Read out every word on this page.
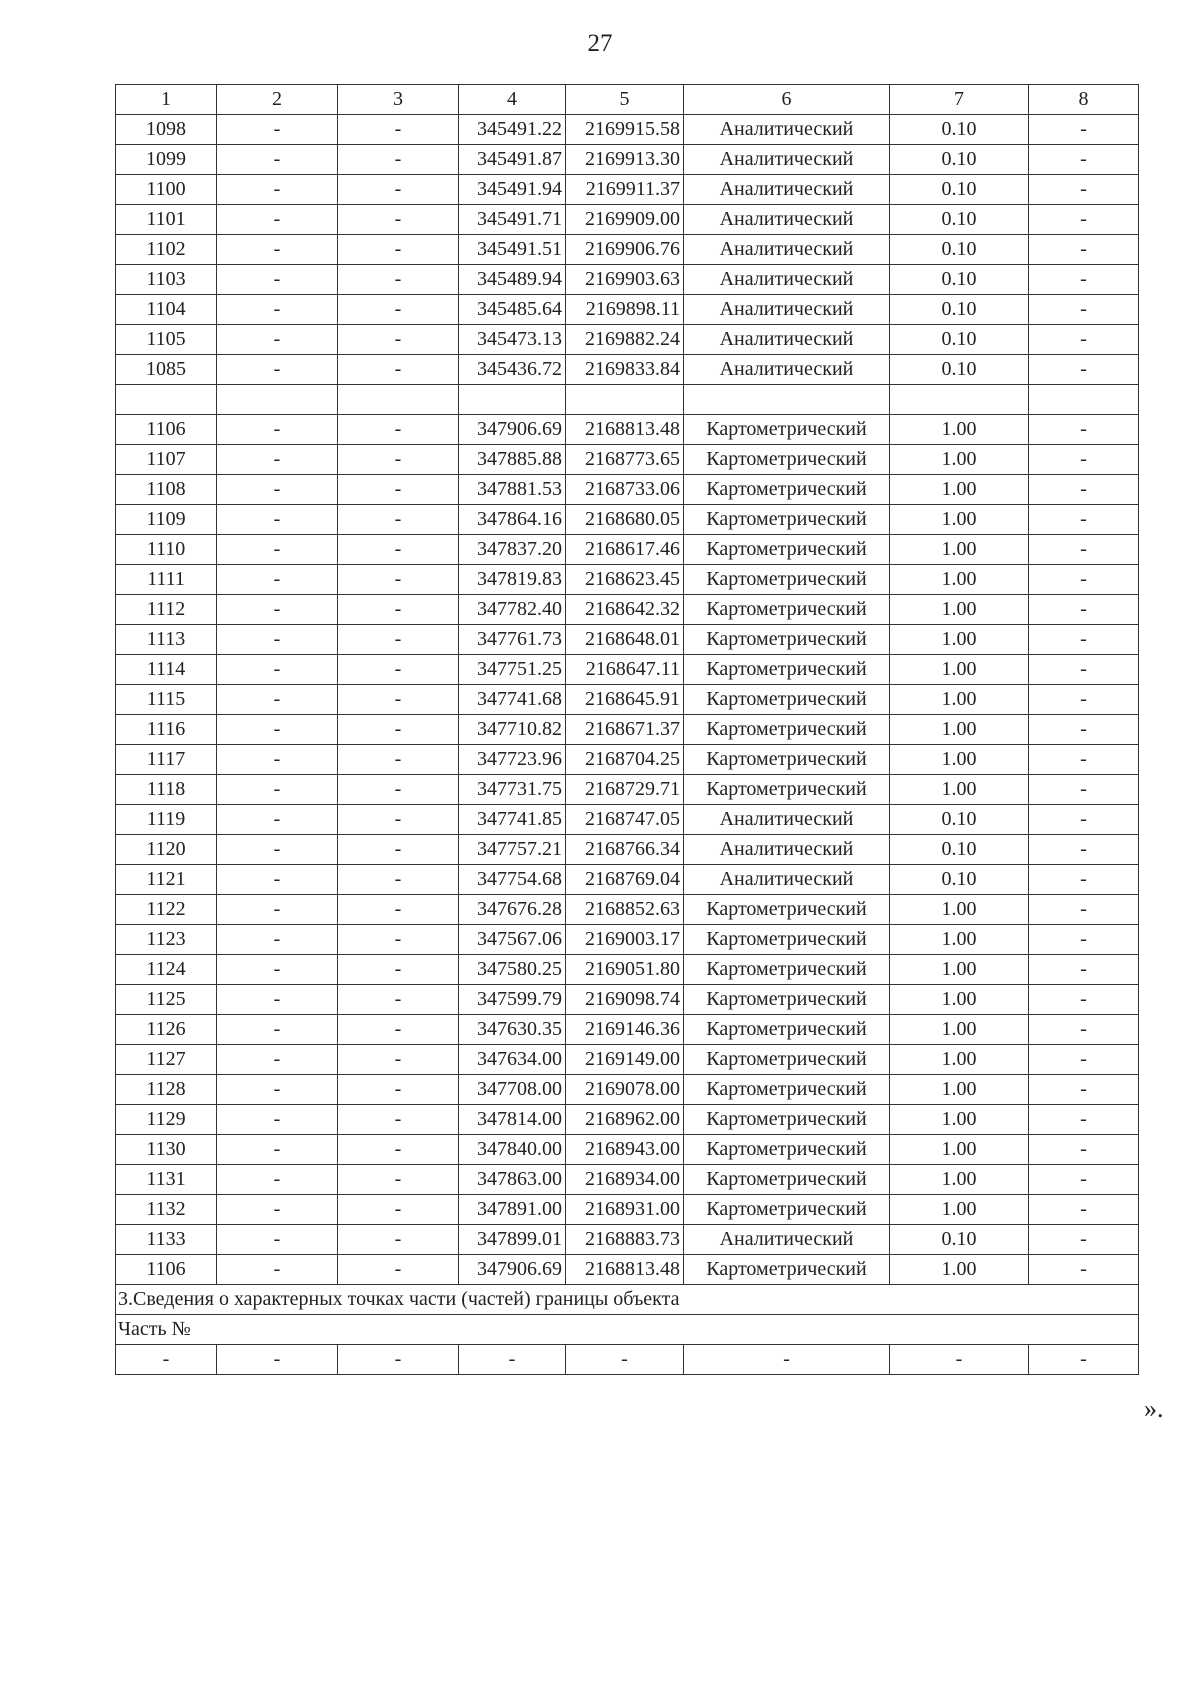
27
1	2	3	4	5	6	7	8
1098	-	-	345491.22	2169915.58	Аналитический	0.10	-
1099	-	-	345491.87	2169913.30	Аналитический	0.10	-
1100	-	-	345491.94	2169911.37	Аналитический	0.10	-
1101	-	-	345491.71	2169909.00	Аналитический	0.10	-
1102	-	-	345491.51	2169906.76	Аналитический	0.10	-
1103	-	-	345489.94	2169903.63	Аналитический	0.10	-
1104	-	-	345485.64	2169898.11	Аналитический	0.10	-
1105	-	-	345473.13	2169882.24	Аналитический	0.10	-
1085	-	-	345436.72	2169833.84	Аналитический	0.10	-

1106	-	-	347906.69	2168813.48	Картометрический	1.00	-
1107	-	-	347885.88	2168773.65	Картометрический	1.00	-
1108	-	-	347881.53	2168733.06	Картометрический	1.00	-
1109	-	-	347864.16	2168680.05	Картометрический	1.00	-
1110	-	-	347837.20	2168617.46	Картометрический	1.00	-
1111	-	-	347819.83	2168623.45	Картометрический	1.00	-
1112	-	-	347782.40	2168642.32	Картометрический	1.00	-
1113	-	-	347761.73	2168648.01	Картометрический	1.00	-
1114	-	-	347751.25	2168647.11	Картометрический	1.00	-
1115	-	-	347741.68	2168645.91	Картометрический	1.00	-
1116	-	-	347710.82	2168671.37	Картометрический	1.00	-
1117	-	-	347723.96	2168704.25	Картометрический	1.00	-
1118	-	-	347731.75	2168729.71	Картометрический	1.00	-
1119	-	-	347741.85	2168747.05	Аналитический	0.10	-
1120	-	-	347757.21	2168766.34	Аналитический	0.10	-
1121	-	-	347754.68	2168769.04	Аналитический	0.10	-
1122	-	-	347676.28	2168852.63	Картометрический	1.00	-
1123	-	-	347567.06	2169003.17	Картометрический	1.00	-
1124	-	-	347580.25	2169051.80	Картометрический	1.00	-
1125	-	-	347599.79	2169098.74	Картометрический	1.00	-
1126	-	-	347630.35	2169146.36	Картометрический	1.00	-
1127	-	-	347634.00	2169149.00	Картометрический	1.00	-
1128	-	-	347708.00	2169078.00	Картометрический	1.00	-
1129	-	-	347814.00	2168962.00	Картометрический	1.00	-
1130	-	-	347840.00	2168943.00	Картометрический	1.00	-
1131	-	-	347863.00	2168934.00	Картометрический	1.00	-
1132	-	-	347891.00	2168931.00	Картометрический	1.00	-
1133	-	-	347899.01	2168883.73	Аналитический	0.10	-
1106	-	-	347906.69	2168813.48	Картометрический	1.00	-
3.Сведения о характерных точках части (частей) границы объекта							
Часть №							
-	-	-	-	-	-	-	-
».
